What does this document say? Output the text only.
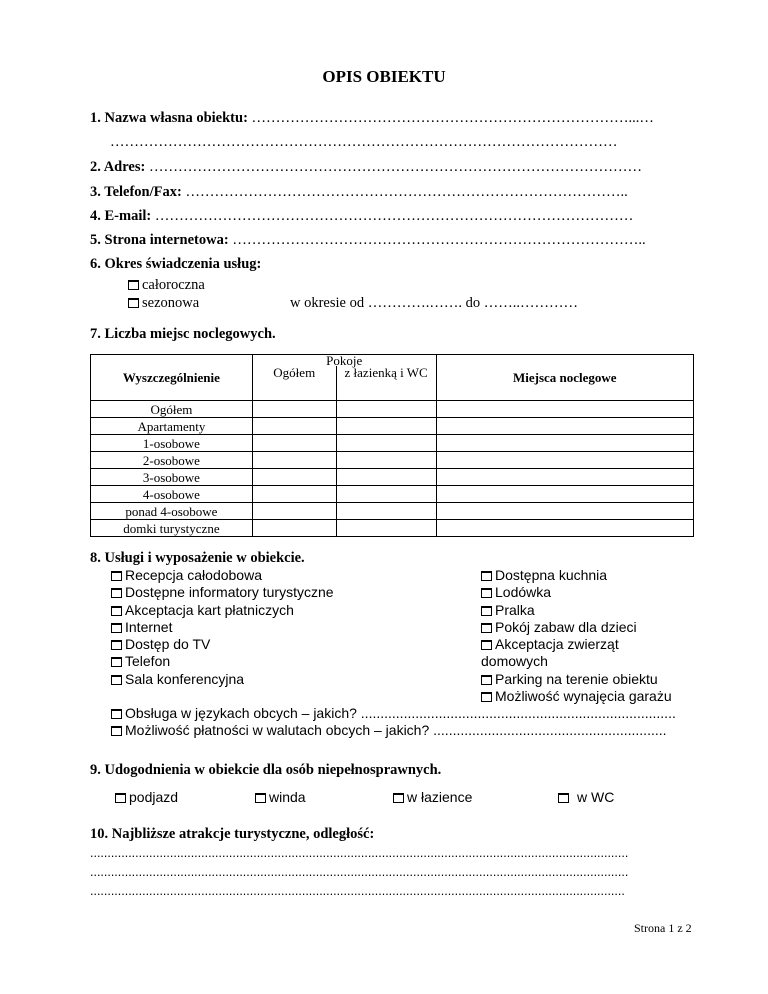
OPIS OBIEKTU
1. Nazwa własna obiektu: ……………………………………………………………………...…
……………………………………………………………………………………………
2. Adres: …………………………………………………………………………………………
3. Telefon/Fax: ………………………………………………………………………………..
4. E-mail: ………………………………………………………………………………………
5. Strona internetowa: …………………………………………………………………………..
6. Okres świadczenia usług:
całoroczna
sezonowa	w okresie od ………….……. do ……..…………
7. Liczba miejsc noclegowych.
Wyszczególnienie	Pokoje		Miejsca noclegowe
	Ogółem	z łazienką i WC	
Ogółem			
Apartamenty			
1-osobowe			
2-osobowe			
3-osobowe			
4-osobowe			
ponad 4-osobowe			
domki turystyczne			
8. Usługi i wyposażenie w obiekcie.
Recepcja całodobowa
Dostępne informatory turystyczne
Akceptacja kart płatniczych
Internet
Dostęp do TV
Telefon
Sala konferencyjna
Dostępna kuchnia
Lodówka
Pralka
Pokój zabaw dla dzieci
Akceptacja zwierząt
domowych
Parking na terenie obiektu
Możliwość wynajęcia garażu
Obsługa w językach obcych – jakich? .................................................................................
Możliwość płatności w walutach obcych – jakich? ............................................................
9. Udogodnienia w obiekcie dla osób niepełnosprawnych.
podjazd	winda	w łazience	w WC
10. Najbliższe atrakcje turystyczne, odległość:
...........................................................................................................................................................
...........................................................................................................................................................
..........................................................................................................................................................
Strona 1 z 2
